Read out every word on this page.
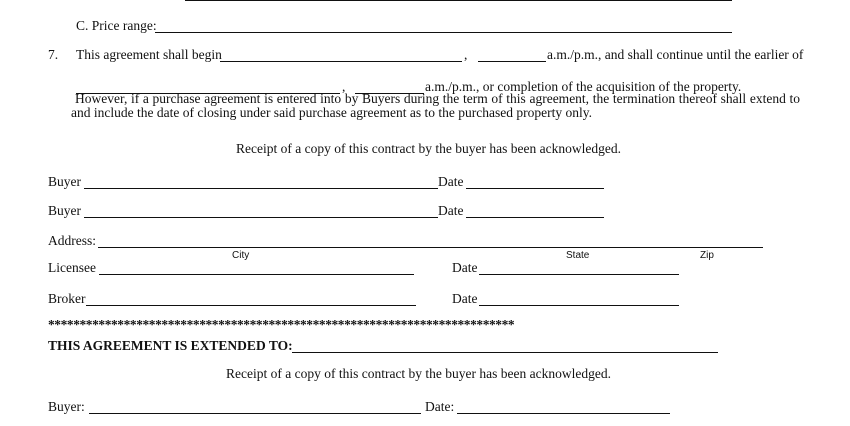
C. Price range:
7. This agreement shall begin	,	a.m./p.m., and shall continue until the earlier of
,	a.m./p.m., or completion of the acquisition of the property.
However, if a purchase agreement is entered into by Buyers during the term of this agreement, the termination thereof shall extend to and include the date of closing under said purchase agreement as to the purchased property only.
Receipt of a copy of this contract by the buyer has been acknowledged.
Buyer	Date
Buyer	Date
Address:
City	State	Zip
Licensee	Date
Broker	Date
**************************************************************************
THIS AGREEMENT IS EXTENDED TO:
Receipt of a copy of this contract by the buyer has been acknowledged.
Buyer:	Date:
